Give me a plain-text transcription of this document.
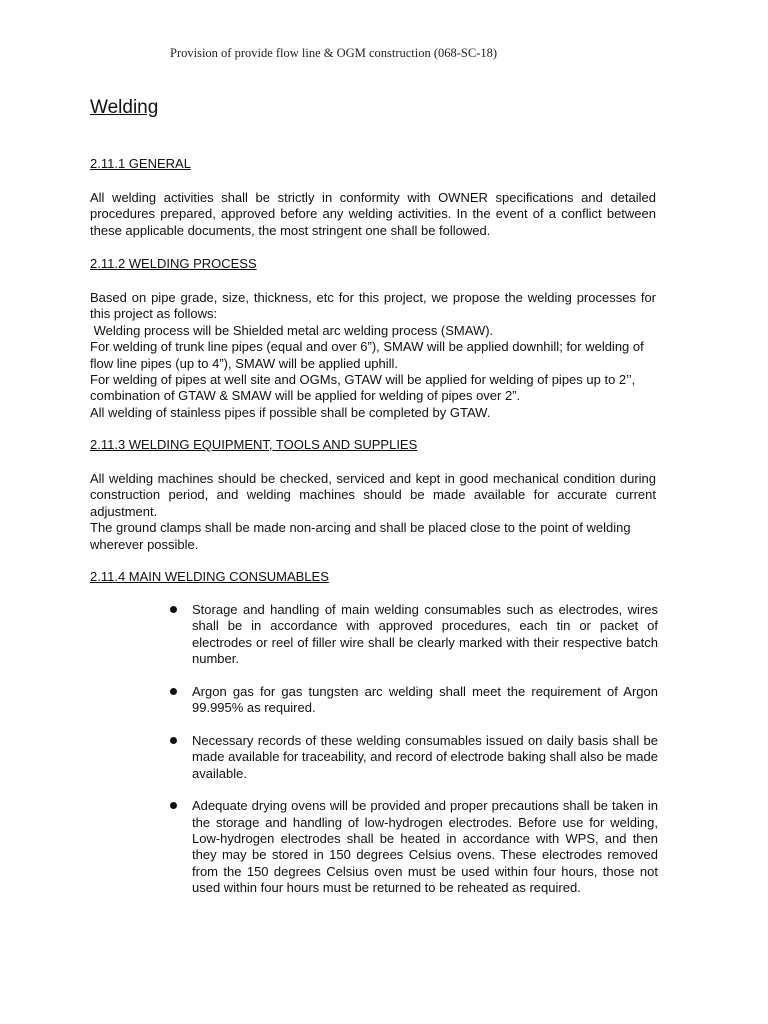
Provision of provide flow line & OGM construction (068-SC-18)
Welding
2.11.1 GENERAL
All welding activities shall be strictly in conformity with OWNER specifications and detailed procedures prepared, approved before any welding activities. In the event of a conflict between these applicable documents, the most stringent one shall be followed.
2.11.2 WELDING PROCESS
Based on pipe grade, size, thickness, etc for this project, we propose the welding processes for this project as follows:
Welding process will be Shielded metal arc welding process (SMAW).
For welding of trunk line pipes (equal and over 6”), SMAW will be applied downhill; for welding of flow line pipes (up to 4”), SMAW will be applied uphill.
For welding of pipes at well site and OGMs, GTAW will be applied for welding of pipes up to 2’’, combination of GTAW & SMAW will be applied for welding of pipes over 2”.
All welding of stainless pipes if possible shall be completed by GTAW.
2.11.3 WELDING EQUIPMENT, TOOLS AND SUPPLIES
All welding machines should be checked, serviced and kept in good mechanical condition during construction period, and welding machines should be made available for accurate current adjustment.
The ground clamps shall be made non-arcing and shall be placed close to the point of welding wherever possible.
2.11.4 MAIN WELDING CONSUMABLES
Storage and handling of main welding consumables such as electrodes, wires shall be in accordance with approved procedures, each tin or packet of electrodes or reel of filler wire shall be clearly marked with their respective batch number.
Argon gas for gas tungsten arc welding shall meet the requirement of Argon 99.995% as required.
Necessary records of these welding consumables issued on daily basis shall be made available for traceability, and record of electrode baking shall also be made available.
Adequate drying ovens will be provided and proper precautions shall be taken in the storage and handling of low-hydrogen electrodes. Before use for welding, Low-hydrogen electrodes shall be heated in accordance with WPS, and then they may be stored in 150 degrees Celsius ovens. These electrodes removed from the 150 degrees Celsius oven must be used within four hours, those not used within four hours must be returned to be reheated as required.
